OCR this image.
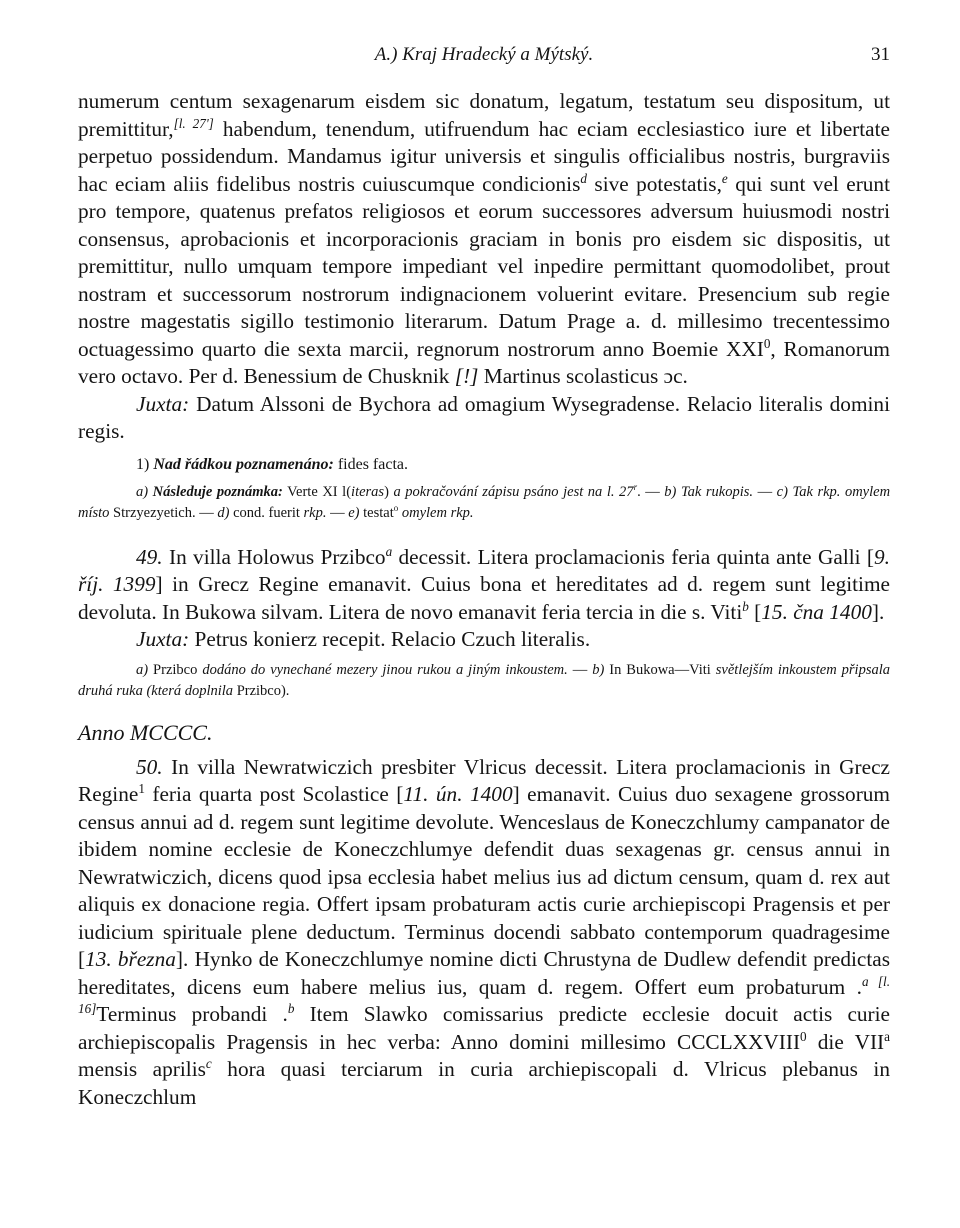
A.) Kraj Hradecký a Mýtský.	31

numerum centum sexagenarum eisdem sic donatum, legatum, testatum seu dispositum, ut premittitur,[l. 27'] habendum, tenendum, utifruendum hac eciam ecclesiastico iure et libertate perpetuo possidendum. Mandamus igitur universis et singulis officialibus nostris, burgraviis hac eciam aliis fidelibus nostris cuiuscumque condicionis$^d$ sive potestatis,$^e$ qui sunt vel erunt pro tempore, quatenus prefatos religiosos et eorum successores adversum huiusmodi nostri consensus, aprobacionis et incorporacionis graciam in bonis pro eisdem sic dispositis, ut premittitur, nullo umquam tempore impediant vel inpedire permittant quomodolibet, prout nostram et successorum nostrorum indignacionem voluerint evitare. Presencium sub regie nostre magestatis sigillo testimonio literarum. Datum Prage a. d. millesimo trecentessimo octuagessimo quarto die sexta marcii, regnorum nostrorum anno Boemie XXI$^0$, Romanorum vero octavo. Per d. Benessium de Chusknik [!] Martinus scolasticus ɔc.

Juxta: Datum Alssoni de Bychora ad omagium Wysegradense. Relacio literalis domini regis.

1) Nad řádkou poznamenáno: fides facta.

a) Následuje poznámka: Verte XI l(iteras) a pokračování zápisu psáno jest na l. 27$^r$. — b) Tak rukopis. — c) Tak rkp. omylem místo Strzyezyetich. — d) cond. fuerit rkp. — e) testat$^o$ omylem rkp.

49. In villa Holowus Przibco$^a$ decessit. Litera proclamacionis feria quinta ante Galli [9. říj. 1399] in Grecz Regine emanavit. Cuius bona et hereditates ad d. regem sunt legitime devoluta. In Bukowa silvam. Litera de novo emanavit feria tercia in die s. Viti$^b$ [15. čna 1400].

Juxta: Petrus konierz recepit. Relacio Czuch literalis.

a) Przibco dodáno do vynechané mezery jinou rukou a jiným inkoustem. — b) In Bukowa—Viti světlejším inkoustem připsala druhá ruka (která doplnila Przibco).

Anno MCCCC.

50. In villa Newratwiczich presbiter Vlricus decessit. Litera proclamacionis in Grecz Regine$^1$ feria quarta post Scolastice [11. ún. 1400] emanavit. Cuius duo sexagene grossorum census annui ad d. regem sunt legitime devolute. Wenceslaus de Koneczchlumy campanator de ibidem nomine ecclesie de Koneczchlumye defendit duas sexagenas gr. census annui in Newratwiczich, dicens quod ipsa ecclesia habet melius ius ad dictum censum, quam d. rex aut aliquis ex donacione regia. Offert ipsam probaturam actis curie archiepiscopi Pragensis et per iudicium spirituale plene deductum. Terminus docendi sabbato contemporum quadragesime [13. března]. Hynko de Koneczchlumye nomine dicti Chrustyna de Dudlew defendit predictas hereditates, dicens eum habere melius ius, quam d. regem. Offert eum probaturum .$^a$ [l. 16]Terminus probandi .$^b$ Item Slawko comissarius predicte ecclesie docuit actis curie archiepiscopalis Pragensis in hec verba: Anno domini millesimo CCCLXXVIII$^0$ die VII$^a$ mensis aprilis$^c$ hora quasi terciarum in curia archiepiscopali d. Vlricus plebanus in Koneczchlum
